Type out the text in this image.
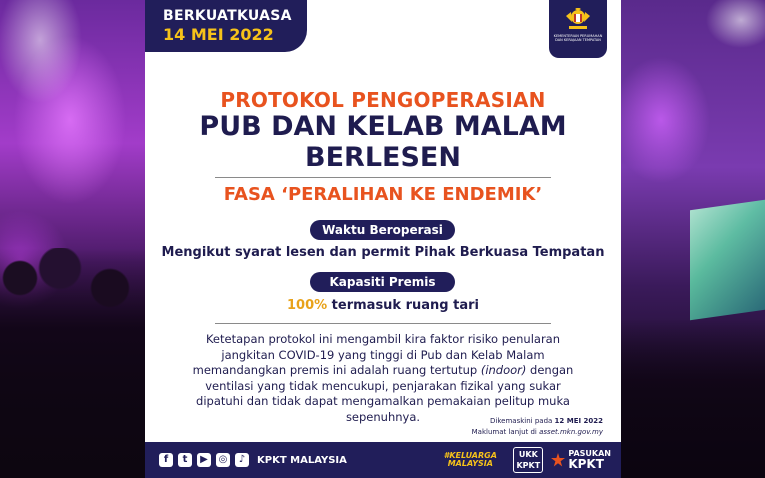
BERKUATKUASA
14 MEI 2022	KEMENTERIAN PERUMAHAN DAN KERAJAAN TEMPATAN
PROTOKOL PENGOPERASIAN
PUB DAN KELAB MALAM
BERLESEN
FASA ‘PERALIHAN KE ENDEMIK’
Waktu Beroperasi
Mengikut syarat lesen dan permit Pihak Berkuasa Tempatan
Kapasiti Premis
100% termasuk ruang tari
Ketetapan protokol ini mengambil kira faktor risiko penularan jangkitan COVID-19 yang tinggi di Pub dan Kelab Malam memandangkan premis ini adalah ruang tertutup (indoor) dengan ventilasi yang tidak mencukupi, penjarakan fizikal yang sukar dipatuhi dan tidak dapat mengamalkan pemakaian pelitup muka sepenuhnya.	Dikemaskini pada 12 MEI 2022
Maklumat lanjut di asset.mkn.gov.my
f	t	▶	◎	♪	KPKT MALAYSIA	#KELUARGA MALAYSIA
UKK
KPKT
PASUKAN
KPKT
